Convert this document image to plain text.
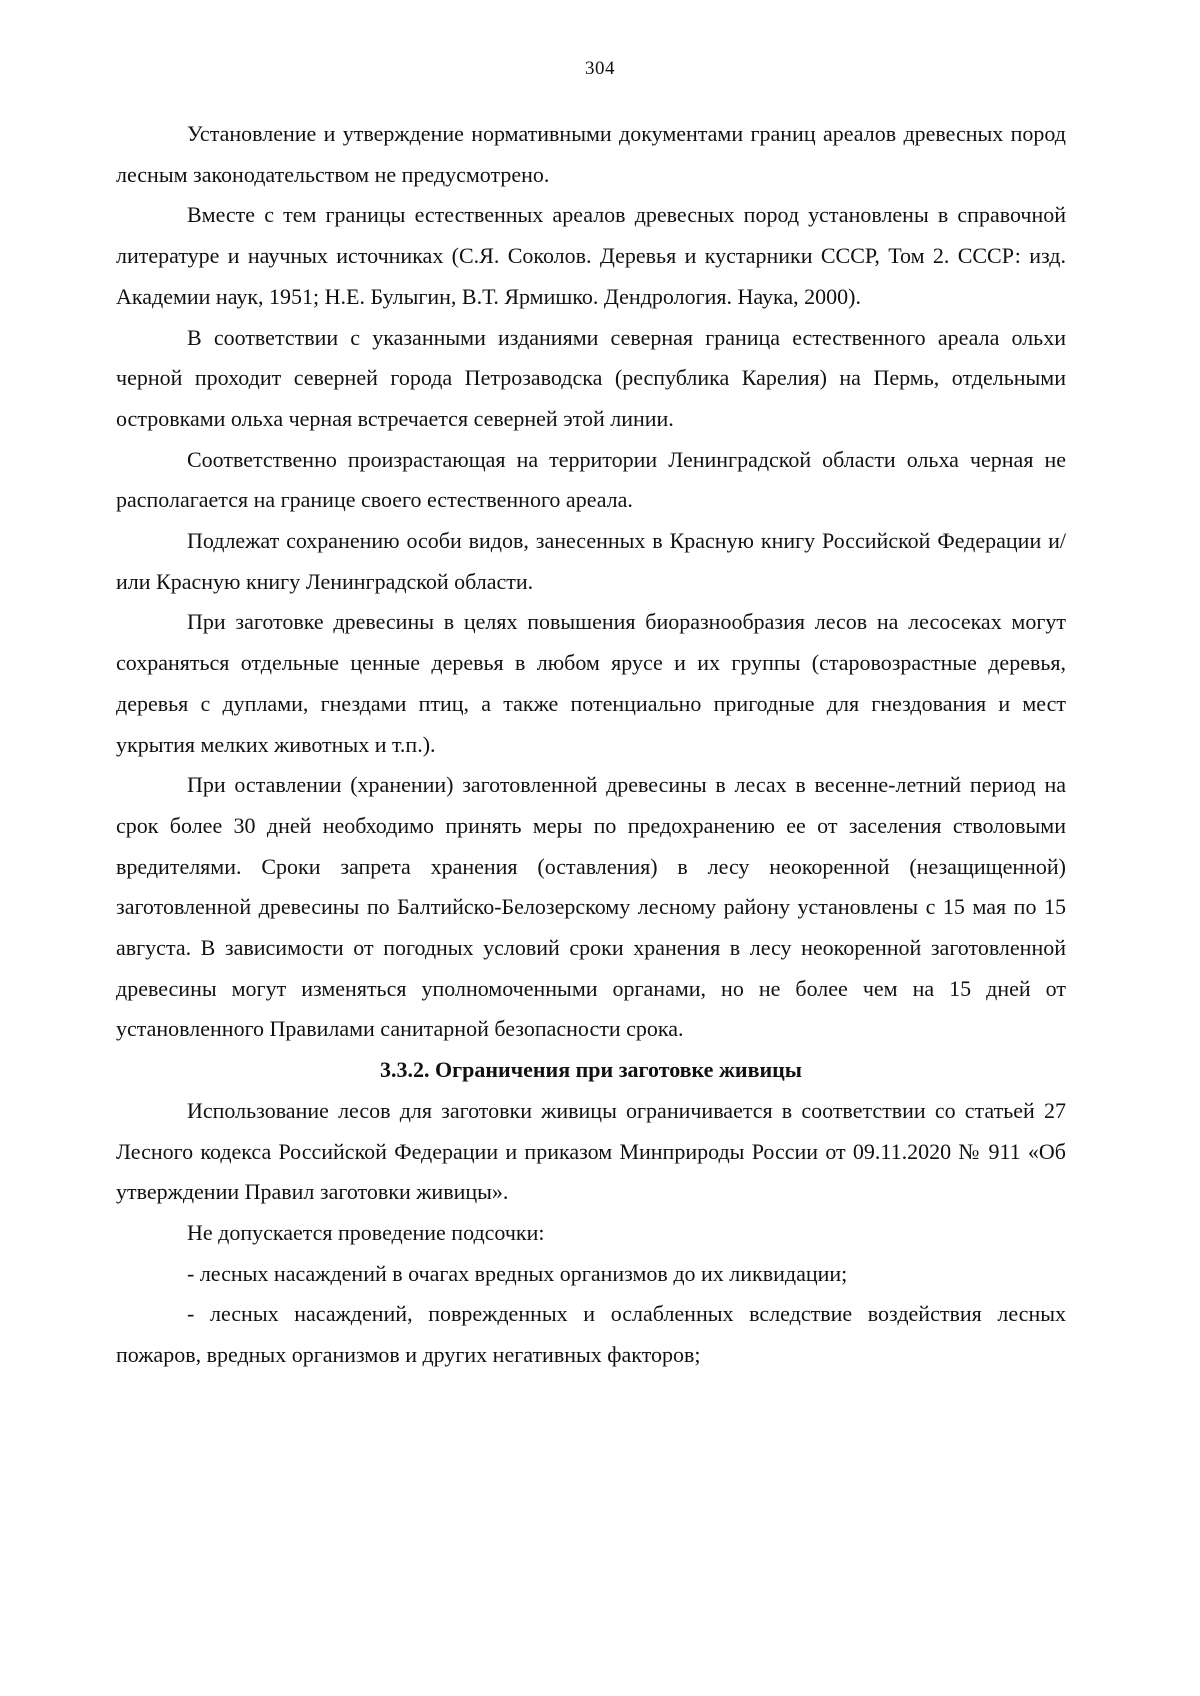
304

Установление и утверждение нормативными документами границ ареалов древесных пород лесным законодательством не предусмотрено.

Вместе с тем границы естественных ареалов древесных пород установлены в справочной литературе и научных источниках (С.Я. Соколов. Деревья и кустарники СССР, Том 2. СССР: изд. Академии наук, 1951; Н.Е. Булыгин, В.Т. Ярмишко. Дендрология. Наука, 2000).

В соответствии с указанными изданиями северная граница естественного ареала ольхи черной проходит северней города Петрозаводска (республика Карелия) на Пермь, отдельными островками ольха черная встречается северней этой линии.

Соответственно произрастающая на территории Ленинградской области ольха черная не располагается на границе своего естественного ареала.

Подлежат сохранению особи видов, занесенных в Красную книгу Российской Федерации и/или Красную книгу Ленинградской области.

При заготовке древесины в целях повышения биоразнообразия лесов на лесосеках могут сохраняться отдельные ценные деревья в любом ярусе и их группы (старовозрастные деревья, деревья с дуплами, гнездами птиц, а также потенциально пригодные для гнездования и мест укрытия мелких животных и т.п.).

При оставлении (хранении) заготовленной древесины в лесах в весенне-летний период на срок более 30 дней необходимо принять меры по предохранению ее от заселения стволовыми вредителями. Сроки запрета хранения (оставления) в лесу неокоренной (незащищенной) заготовленной древесины по Балтийско-Белозерскому лесному району установлены с 15 мая по 15 августа. В зависимости от погодных условий сроки хранения в лесу неокоренной заготовленной древесины могут изменяться уполномоченными органами, но не более чем на 15 дней от установленного Правилами санитарной безопасности срока.

3.3.2. Ограничения при заготовке живицы

Использование лесов для заготовки живицы ограничивается в соответствии со статьей 27 Лесного кодекса Российской Федерации и приказом Минприроды России от 09.11.2020 № 911 «Об утверждении Правил заготовки живицы».

Не допускается проведение подсочки:

- лесных насаждений в очагах вредных организмов до их ликвидации;

- лесных насаждений, поврежденных и ослабленных вследствие воздействия лесных пожаров, вредных организмов и других негативных факторов;
